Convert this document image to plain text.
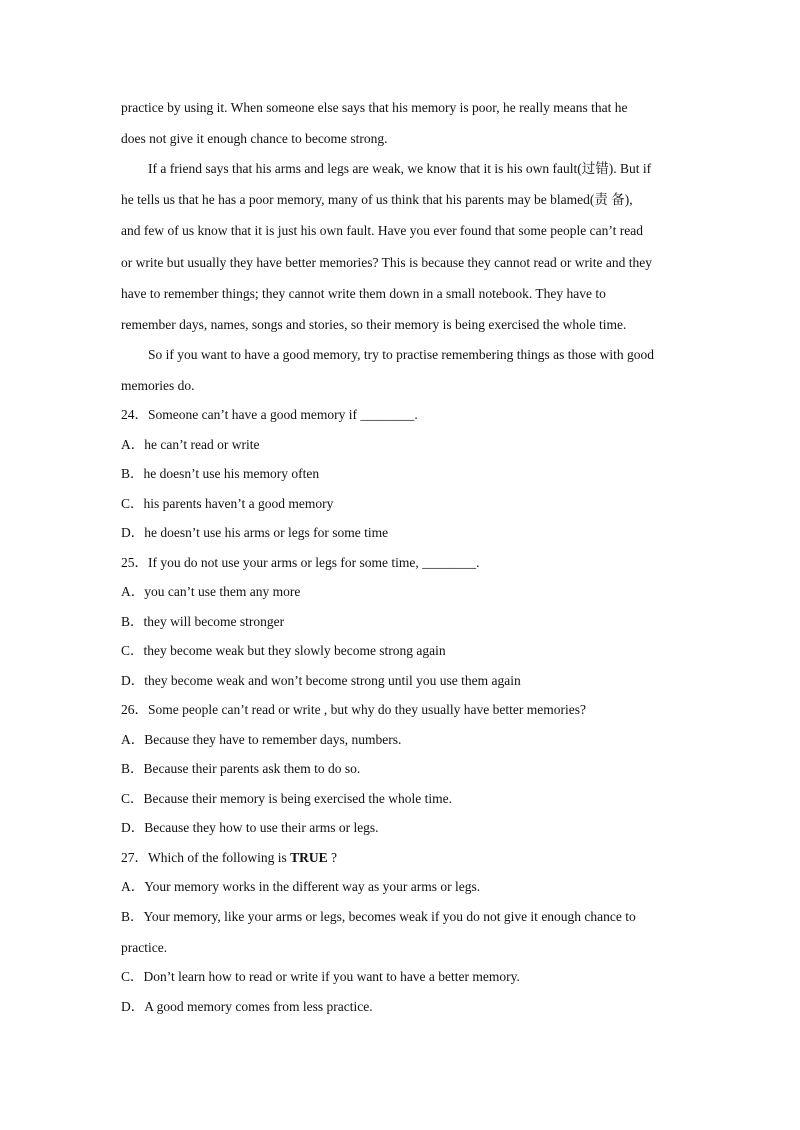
practice by using it. When someone else says that his memory is poor, he really means that he
does not give it enough chance to become strong.
If a friend says that his arms and legs are weak, we know that it is his own fault(过错). But if
he tells us that he has a poor memory, many of us think that his parents may be blamed(责 备),
and few of us know that it is just his own fault. Have you ever found that some people can’t read
or write but usually they have better memories? This is because they cannot read or write and they
have to remember things; they cannot write them down in a small notebook. They have to
remember days, names, songs and stories, so their memory is being exercised the whole time.
So if you want to have a good memory, try to practise remembering things as those with good
memories do.
24．Someone can’t have a good memory if ________.
A．he can’t read or write
B．he doesn’t use his memory often
C．his parents haven’t a good memory
D．he doesn’t use his arms or legs for some time
25．If you do not use your arms or legs for some time, ________.
A．you can’t use them any more
B．they will become stronger
C．they become weak but they slowly become strong again
D．they become weak and won’t become strong until you use them again
26．Some people can’t read or write , but why do they usually have better memories?
A．Because they have to remember days, numbers.
B．Because their parents ask them to do so.
C．Because their memory is being exercised the whole time.
D．Because they how to use their arms or legs.
27．Which of the following is TRUE ?
A．Your memory works in the different way as your arms or legs.
B．Your memory, like your arms or legs, becomes weak if you do not give it enough chance to
practice.
C．Don’t learn how to read or write if you want to have a better memory.
D．A good memory comes from less practice.
